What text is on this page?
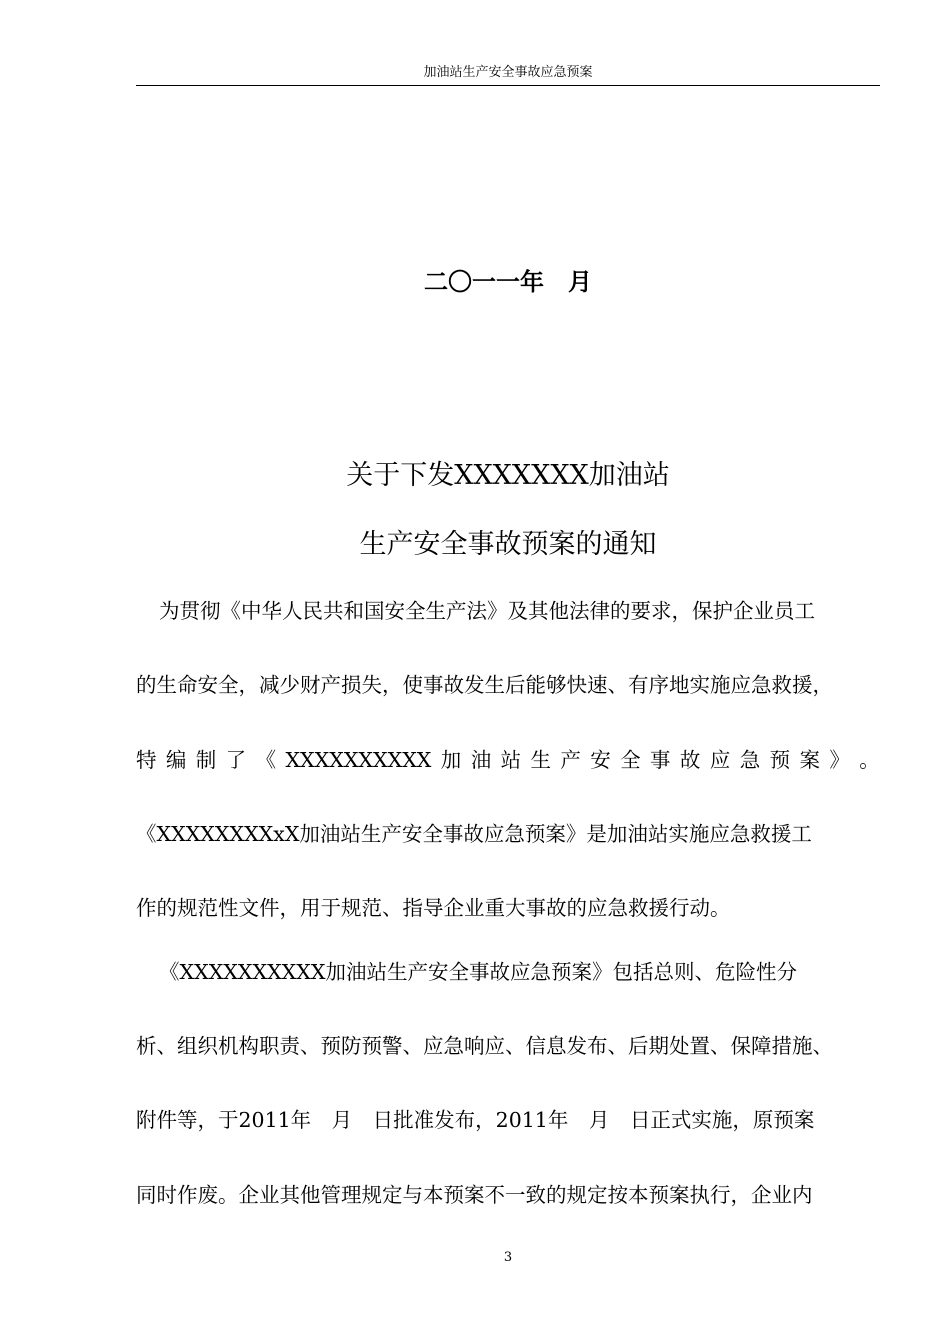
加油站生产安全事故应急预案
二〇一一年　月
关于下发XXXXXXX加油站
生产安全事故预案的通知
为贯彻《中华人民共和国安全生产法》及其他法律的要求，保护企业员工
的生命安全，减少财产损失，使事故发生后能够快速、有序地实施应急救援，
特 编 制 了 《 XXXXXXXXXX 加 油 站 生 产 安 全 事 故 应 急 预 案 》 。
《XXXXXXXXxX加油站生产安全事故应急预案》是加油站实施应急救援工
作的规范性文件，用于规范、指导企业重大事故的应急救援行动。
《XXXXXXXXXX加油站生产安全事故应急预案》包括总则、危险性分
析、组织机构职责、预防预警、应急响应、信息发布、后期处置、保障措施、
附件等，于2011年　月　日批准发布，2011年　月　日正式实施，原预案
同时作废。企业其他管理规定与本预案不一致的规定按本预案执行，企业内
3
